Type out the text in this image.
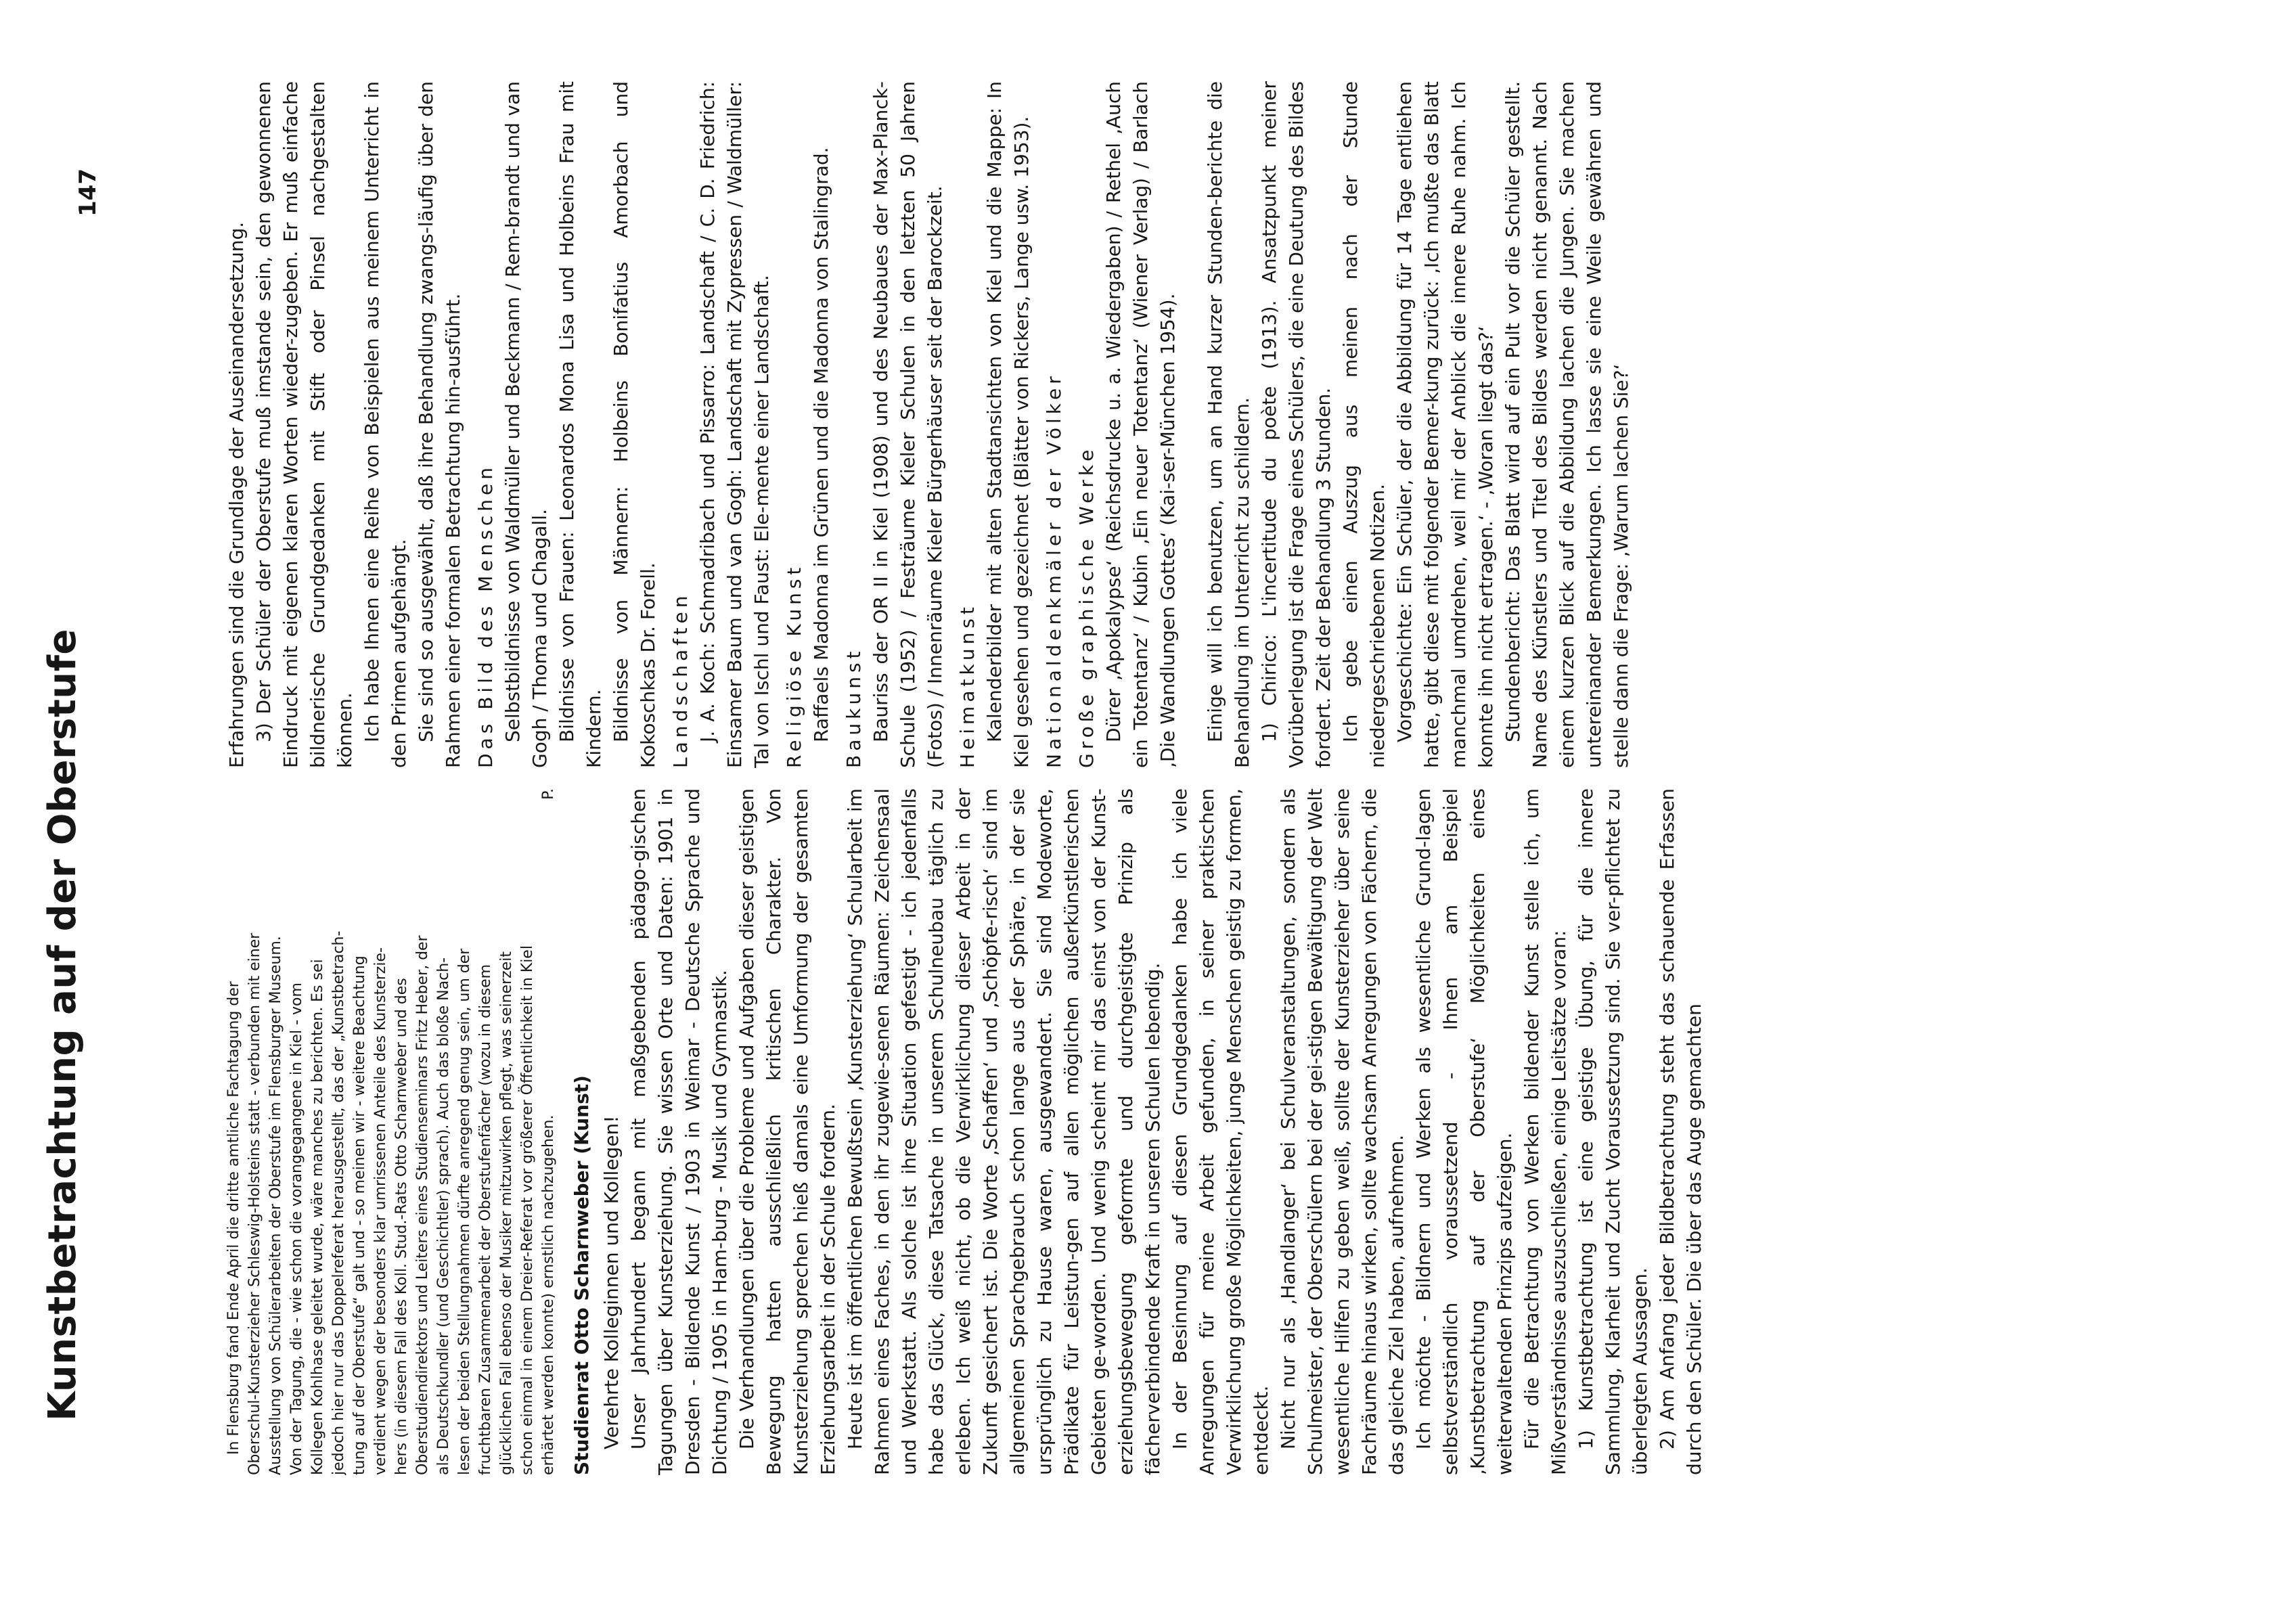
Kunstbetrachtung auf der Oberstufe	In Flensburg fand Ende April die dritte amtliche Fachtagung der Oberschul-Kunsterzieher Schleswig-Holsteins statt - verbunden mit einer Ausstellung von Schülerarbeiten der Oberstufe im Flensburger Museum. Von der Tagung, die - wie schon die vorangegangene in Kiel - vom Kollegen Kohlhase geleitet wurde, wäre manches zu berichten. Es sei jedoch hier nur das Doppelreferat herausgestellt, das der „Kunstbetrach- tung auf der Oberstufe“ galt und - so meinen wir - weitere Beachtung verdient wegen der besonders klar umrissenen Anteile des Kunsterzie- hers (in diesem Fall des Koll. Stud.-Rats Otto Scharnweber und des Oberstudiendirektors und Leiters eines Studienseminars Fritz Heber, der als Deutschkundler (und Geschichtler) sprach). Auch das bloße Nach- lesen der beiden Stellungnahmen dürfte anregend genug sein, um der fruchtbaren Zusammenarbeit der Oberstufenfächer (wozu in diesem glücklichen Fall ebenso der Musiker mitzuwirken pflegt, was seinerzeit schon einmal in einem Dreier-Referat vor größerer Öffentlichkeit in Kiel erhärtet werden konnte) ernstlich nachzugehen.
P.
Studienrat Otto Scharnweber (Kunst) Verehrte Kolleginnen und Kollegen! Unser Jahrhundert begann mit maßgebenden pädago-gischen Tagungen über Kunsterziehung. Sie wissen Orte und Daten: 1901 in Dresden - Bildende Kunst / 1903 in Weimar - Deutsche Sprache und Dichtung / 1905 in Ham-burg - Musik und Gymnastik. Die Verhandlungen über die Probleme und Aufgaben dieser geistigen Bewegung hatten ausschließlich kritischen Charakter. Von Kunsterziehung sprechen hieß damals eine Umformung der gesamten Erziehungsarbeit in der Schule fordern. Heute ist im öffentlichen Bewußtsein ‚Kunsterziehung‘ Schularbeit im Rahmen eines Faches, in den ihr zugewie-senen Räumen: Zeichensaal und Werkstatt. Als solche ist ihre Situation gefestigt - ich jedenfalls habe das Glück, diese Tatsache in unserem Schulneubau täglich zu erleben. Ich weiß nicht, ob die Verwirklichung dieser Arbeit in der Zukunft gesichert ist. Die Worte ‚Schaffen‘ und ‚Schöpfe-risch‘ sind im allgemeinen Sprachgebrauch schon lange aus der Sphäre, in der sie ursprünglich zu Hause waren, ausgewandert. Sie sind Modeworte, Prädikate für Leistun-gen auf allen möglichen außerkünstlerischen Gebieten ge-worden. Und wenig scheint mir das einst von der Kunst-erziehungsbewegung geformte und durchgeistigte Prinzip als fächerverbindende Kraft in unseren Schulen lebendig. In der Besinnung auf diesen Grundgedanken habe ich viele Anregungen für meine Arbeit gefunden, in seiner praktischen Verwirklichung große Möglichkeiten, junge Menschen geistig zu formen, entdeckt. Nicht nur als ‚Handlanger‘ bei Schulveranstaltungen, sondern als Schulmeister, der Oberschülern bei der gei-stigen Bewältigung der Welt wesentliche Hilfen zu geben weiß, sollte der Kunsterzieher über seine Fachräume hinaus wirken, sollte wachsam Anregungen von Fächern, die das gleiche Ziel haben, aufnehmen. Ich möchte - Bildnern und Werken als wesentliche Grund-lagen selbstverständlich voraussetzend - Ihnen am Beispiel ‚Kunstbetrachtung auf der Oberstufe‘ Möglichkeiten eines weiterwaltenden Prinzips aufzeigen. Für die Betrachtung von Werken bildender Kunst stelle ich, um Mißverständnisse auszuschließen, einige Leitsätze voran: 1) Kunstbetrachtung ist eine geistige Übung, für die innere Sammlung, Klarheit und Zucht Voraussetzung sind. Sie ver-pflichtet zu überlegten Aussagen. 2) Am Anfang jeder Bildbetrachtung steht das schauende Erfassen durch den Schüler. Die über das Auge gemachten
Erfahrungen sind die Grundlage der Auseinandersetzung. 3) Der Schüler der Oberstufe muß imstande sein, den gewonnenen Eindruck mit eigenen klaren Worten wieder-zugeben. Er muß einfache bildnerische Grundgedanken mit Stift oder Pinsel nachgestalten können. Ich habe Ihnen eine Reihe von Beispielen aus meinem Unterricht in den Primen aufgehängt. Sie sind so ausgewählt, daß ihre Behandlung zwangs-läufig über den Rahmen einer formalen Betrachtung hin-ausführt. Das Bild des Menschen Selbstbildnisse von Waldmüller und Beckmann / Rem-brandt und van Gogh / Thoma und Chagall. Bildnisse von Frauen: Leonardos Mona Lisa und Holbeins Frau mit Kindern. Bildnisse von Männern: Holbeins Bonifatius Amorbach und Kokoschkas Dr. Forell. Landschaften J. A. Koch: Schmadribach und Pissarro: Landschaft / C. D. Friedrich: Einsamer Baum und van Gogh: Landschaft mit Zypressen / Waldmüller: Tal von Ischl und Faust: Ele-mente einer Landschaft. Religiöse Kunst Raffaels Madonna im Grünen und die Madonna von Stalingrad. Baukunst Bauriss der OR II in Kiel (1908) und des Neubaues der Max-Planck-Schule (1952) / Festräume Kieler Schulen in den letzten 50 Jahren (Fotos) / Innenräume Kieler Bürgerhäuser seit der Barockzeit. Heimatkunst Kalenderbilder mit alten Stadtansichten von Kiel und die Mappe: In Kiel gesehen und gezeichnet (Blätter von Rickers, Lange usw. 1953). Nationaldenkmäler der Völker Große graphische Werke Dürer ‚Apokalypse‘ (Reichsdrucke u. a. Wiedergaben) / Rethel ‚Auch ein Totentanz‘ / Kubin ‚Ein neuer Totentanz‘ (Wiener Verlag) / Barlach ‚Die Wandlungen Gottes‘ (Kai-ser-München 1954). Einige will ich benutzen, um an Hand kurzer Stunden-berichte die Behandlung im Unterricht zu schildern. 1) Chirico: L'incertitude du poète (1913). Ansatzpunkt meiner Vorüberlegung ist die Frage eines Schülers, die eine Deutung des Bildes fordert. Zeit der Behandlung 3 Stunden. Ich gebe einen Auszug aus meinen nach der Stunde niedergeschriebenen Notizen. Vorgeschichte: Ein Schüler, der die Abbildung für 14 Tage entliehen hatte, gibt diese mit folgender Bemer-kung zurück: ‚Ich mußte das Blatt manchmal umdrehen, weil mir der Anblick die innere Ruhe nahm. Ich konnte ihn nicht ertragen.‘ - ‚Woran liegt das?‘ Stundenbericht: Das Blatt wird auf ein Pult vor die Schüler gestellt. Name des Künstlers und Titel des Bildes werden nicht genannt. Nach einem kurzen Blick auf die Abbildung lachen die Jungen. Sie machen untereinander Bemerkungen. Ich lasse sie eine Weile gewähren und stelle dann die Frage: ‚Warum lachen Sie?‘
147
